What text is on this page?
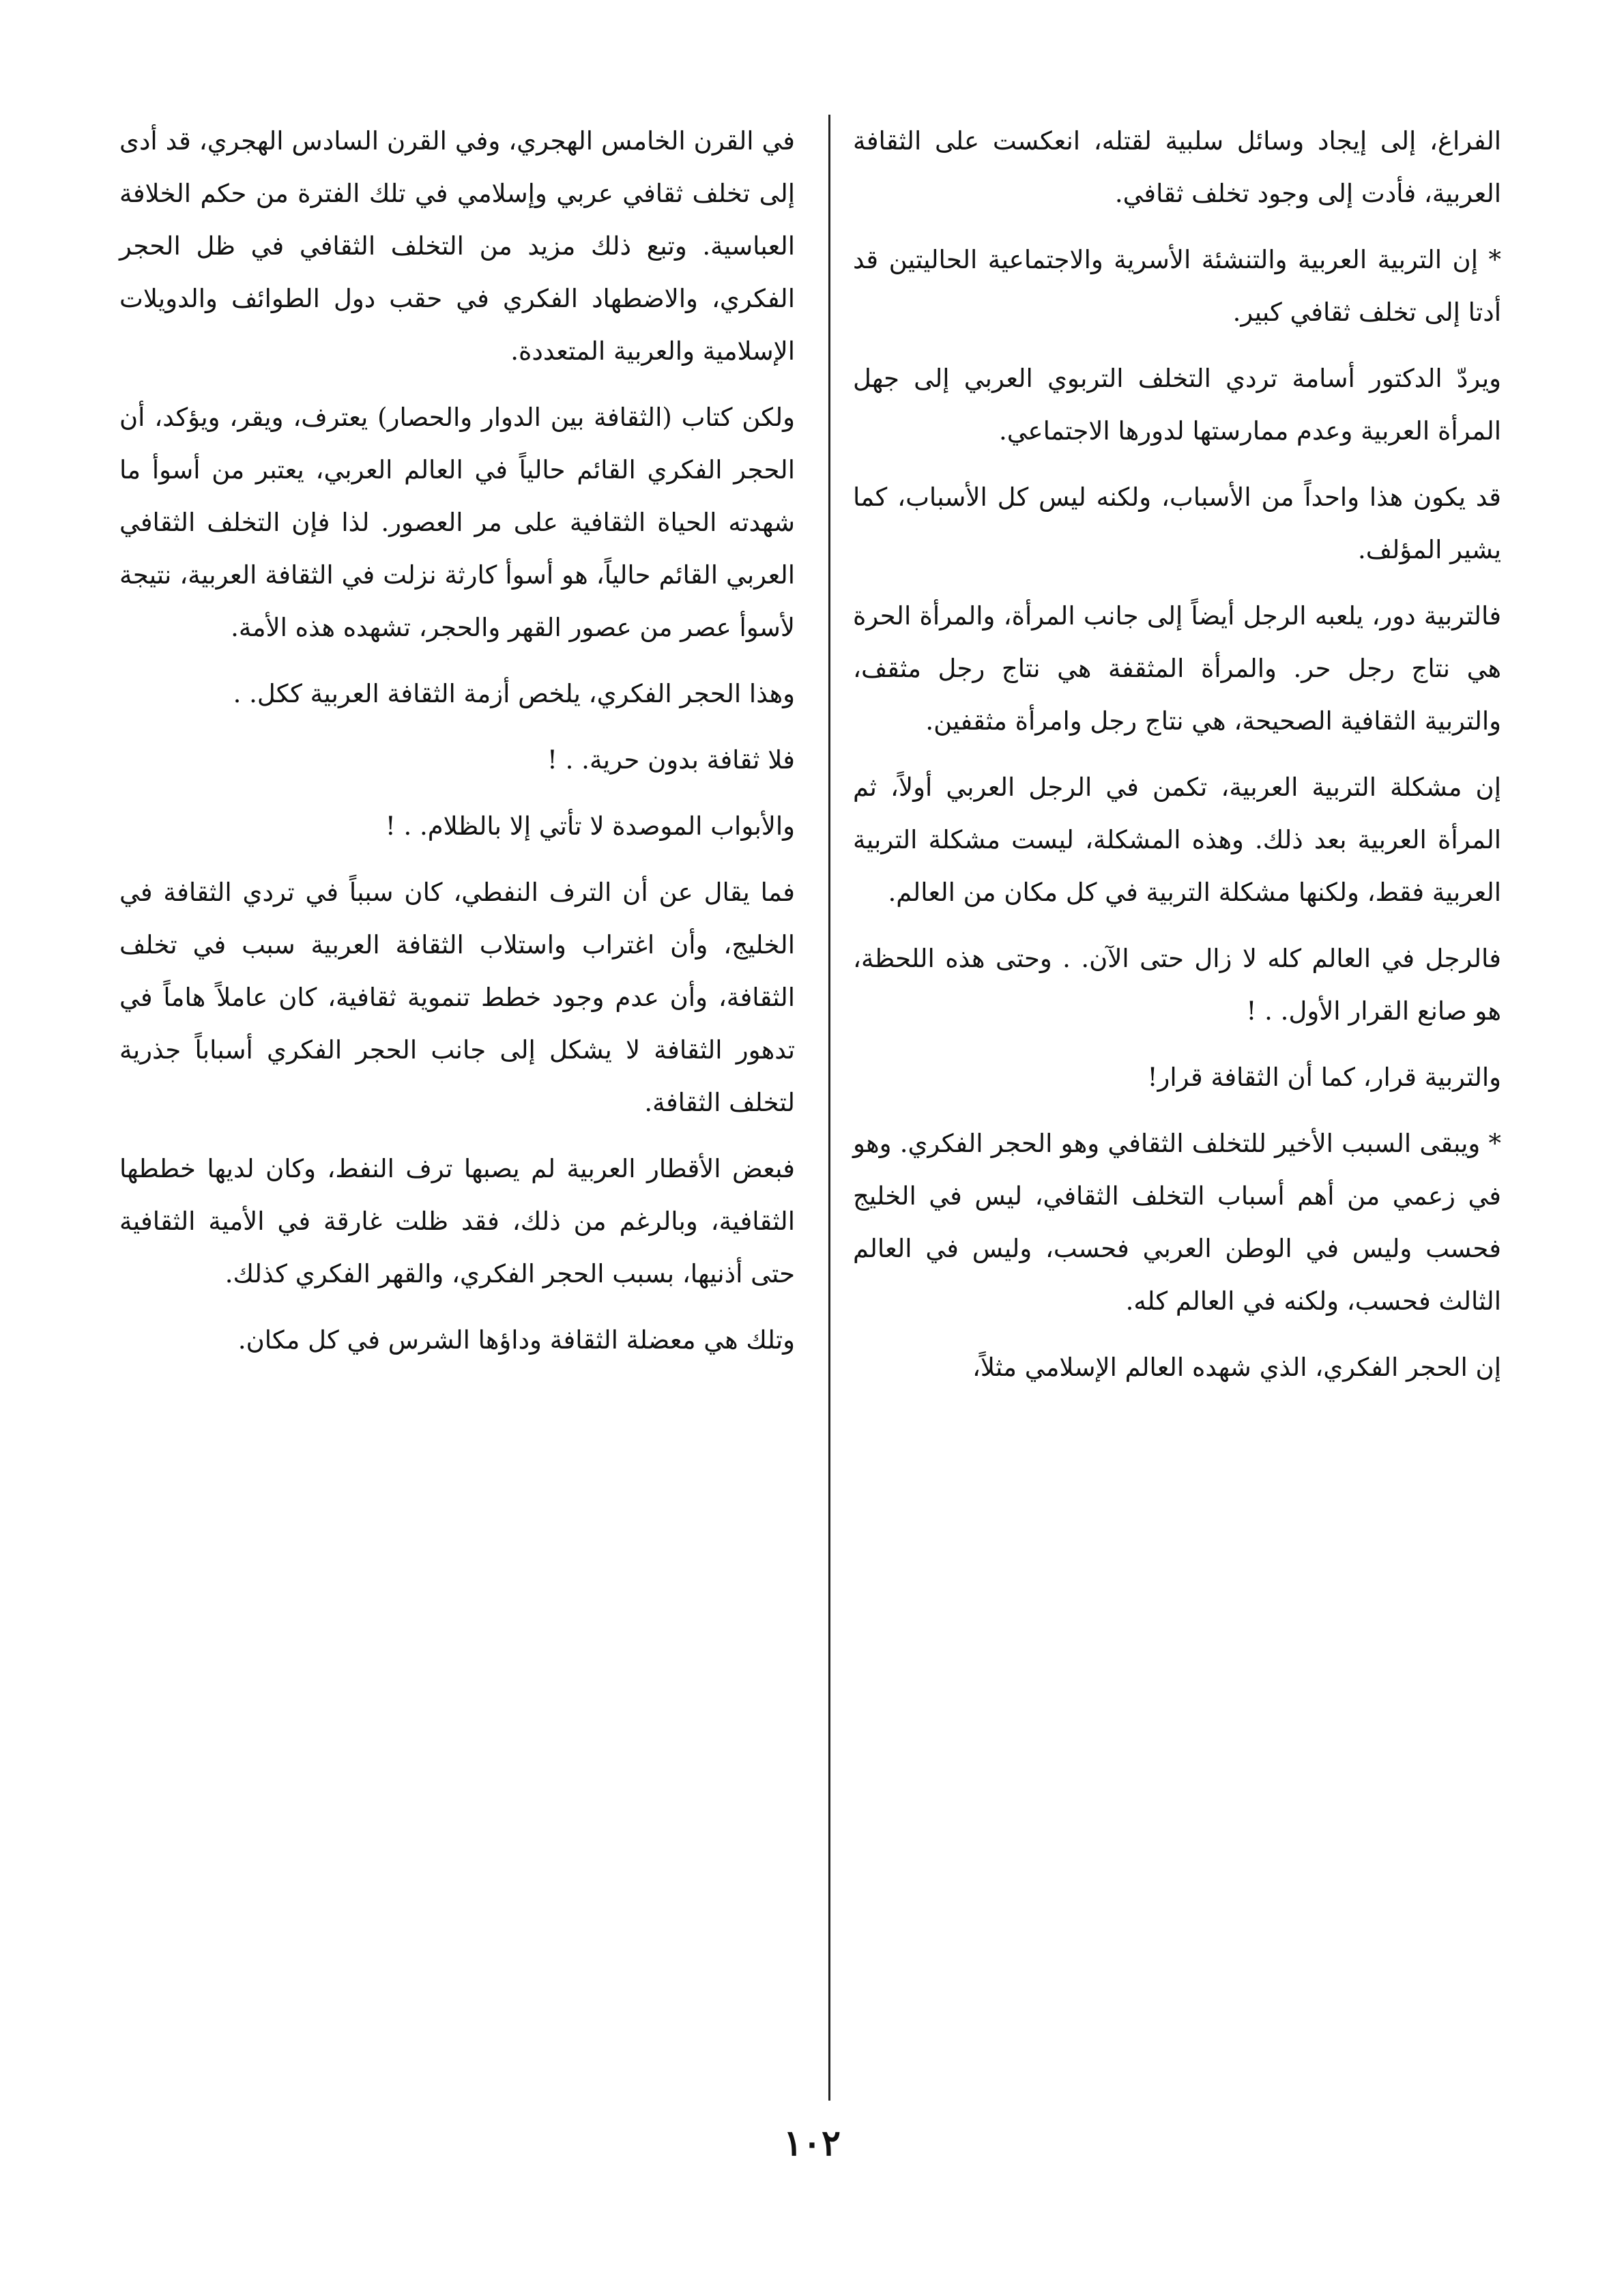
الفراغ، إلى إيجاد وسائل سلبية لقتله، انعكست على الثقافة العربية، فأدت إلى وجود تخلف ثقافي.

* إن التربية العربية والتنشئة الأسرية والاجتماعية الحاليتين قد أدتا إلى تخلف ثقافي كبير.

ويردّ الدكتور أسامة تردي التخلف التربوي العربي إلى جهل المرأة العربية وعدم ممارستها لدورها الاجتماعي.

قد يكون هذا واحداً من الأسباب، ولكنه ليس كل الأسباب، كما يشير المؤلف.

فالتربية دور، يلعبه الرجل أيضاً إلى جانب المرأة، والمرأة الحرة هي نتاج رجل حر. والمرأة المثقفة هي نتاج رجل مثقف، والتربية الثقافية الصحيحة، هي نتاج رجل وامرأة مثقفين.

إن مشكلة التربية العربية، تكمن في الرجل العربي أولاً، ثم المرأة العربية بعد ذلك. وهذه المشكلة، ليست مشكلة التربية العربية فقط، ولكنها مشكلة التربية في كل مكان من العالم.

فالرجل في العالم كله لا زال حتى الآن. . وحتى هذه اللحظة، هو صانع القرار الأول. . !

والتربية قرار، كما أن الثقافة قرار!

* ويبقى السبب الأخير للتخلف الثقافي وهو الحجر الفكري. وهو في زعمي من أهم أسباب التخلف الثقافي، ليس في الخليج فحسب وليس في الوطن العربي فحسب، وليس في العالم الثالث فحسب، ولكنه في العالم كله.

إن الحجر الفكري، الذي شهده العالم الإسلامي مثلاً،

في القرن الخامس الهجري، وفي القرن السادس الهجري، قد أدى إلى تخلف ثقافي عربي وإسلامي في تلك الفترة من حكم الخلافة العباسية. وتبع ذلك مزيد من التخلف الثقافي في ظل الحجر الفكري، والاضطهاد الفكري في حقب دول الطوائف والدويلات الإسلامية والعربية المتعددة.

ولكن كتاب (الثقافة بين الدوار والحصار) يعترف، ويقر، ويؤكد، أن الحجر الفكري القائم حالياً في العالم العربي، يعتبر من أسوأ ما شهدته الحياة الثقافية على مر العصور. لذا فإن التخلف الثقافي العربي القائم حالياً، هو أسوأ كارثة نزلت في الثقافة العربية، نتيجة لأسوأ عصر من عصور القهر والحجر، تشهده هذه الأمة.

وهذا الحجر الفكري، يلخص أزمة الثقافة العربية ككل. .

فلا ثقافة بدون حرية. . !

والأبواب الموصدة لا تأتي إلا بالظلام. . !

فما يقال عن أن الترف النفطي، كان سبباً في تردي الثقافة في الخليج، وأن اغتراب واستلاب الثقافة العربية سبب في تخلف الثقافة، وأن عدم وجود خطط تنموية ثقافية، كان عاملاً هاماً في تدهور الثقافة لا يشكل إلى جانب الحجر الفكري أسباباً جذرية لتخلف الثقافة.

فبعض الأقطار العربية لم يصبها ترف النفط، وكان لديها خططها الثقافية، وبالرغم من ذلك، فقد ظلت غارقة في الأمية الثقافية حتى أذنيها، بسبب الحجر الفكري، والقهر الفكري كذلك.

وتلك هي معضلة الثقافة وداؤها الشرس في كل مكان.

١٠٢
